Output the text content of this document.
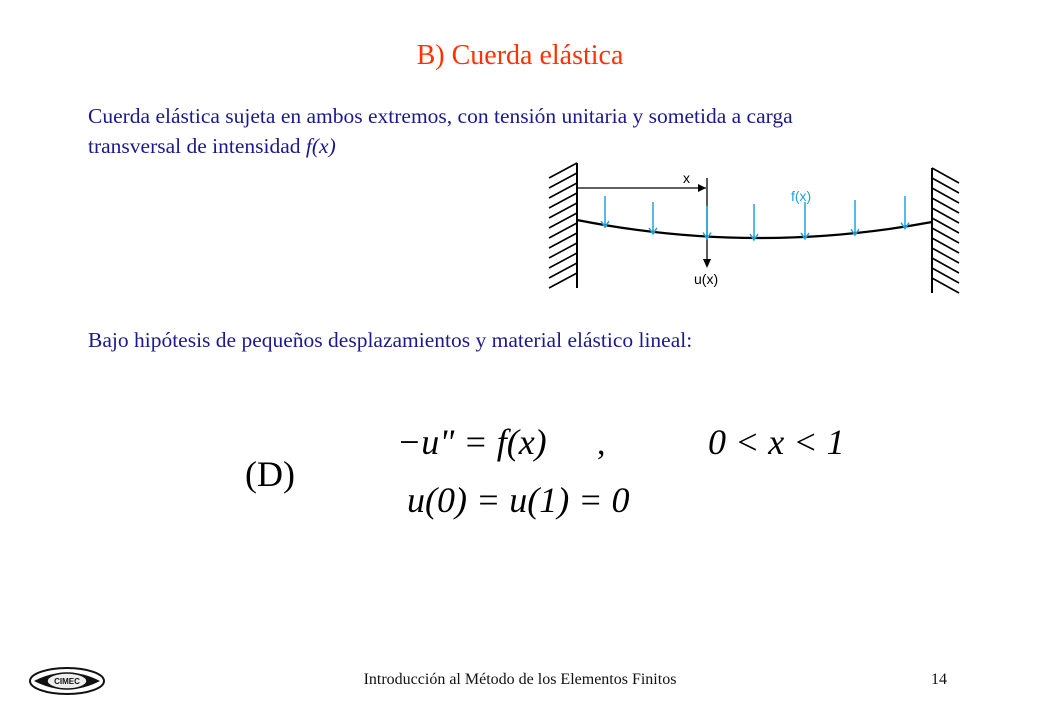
B) Cuerda elástica
Cuerda elástica sujeta en ambos extremos, con tensión unitaria y sometida a carga
transversal de intensidad f(x)
x
u(x)
f(x)
Bajo hipótesis de pequeños desplazamientos y material elástico lineal:
(D)
−u" = f(x) ,	0 < x < 1
u(0) = u(1) = 0
CIMEC	Introducción al Método de los Elementos Finitos	14
